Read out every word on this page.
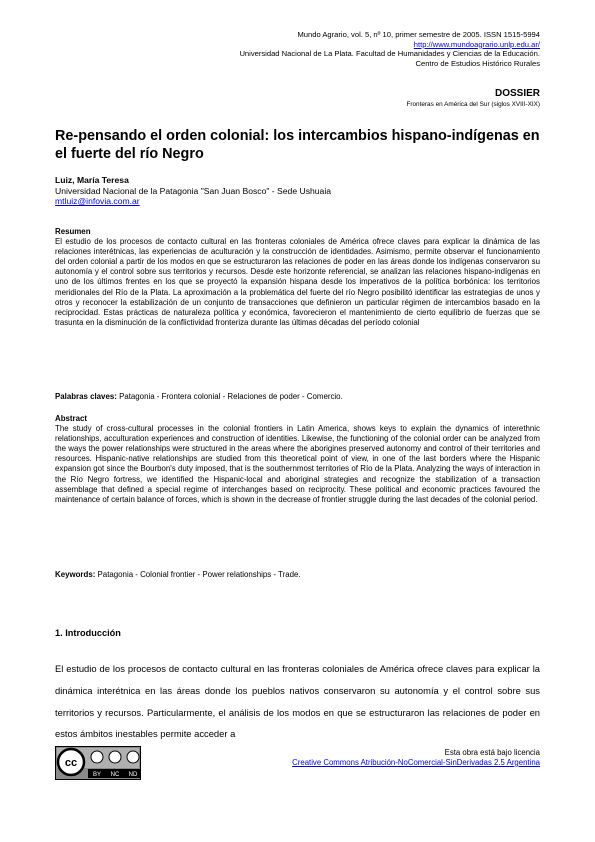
Mundo Agrario, vol. 5, nº 10, primer semestre de 2005. ISSN 1515-5994
http://www.mundoagrario.unlp.edu.ar/
Universidad Nacional de La Plata. Facultad de Humanidades y Ciencias de la Educación.
Centro de Estudios Histórico Rurales
DOSSIER
Fronteras en América del Sur (siglos XVIII-XIX)
Re-pensando el orden colonial: los intercambios hispano-indígenas en el fuerte del río Negro
Luiz, María Teresa
Universidad Nacional de la Patagonia "San Juan Bosco" - Sede Ushuaia
mtluiz@infovia.com.ar
Resumen

El estudio de los procesos de contacto cultural en las fronteras coloniales de América ofrece claves para explicar la dinámica de las relaciones interétnicas, las experiencias de aculturación y la construcción de identidades. Asimismo, permite observar el funcionamiento del orden colonial a partir de los modos en que se estructuraron las relaciones de poder en las áreas donde los indígenas conservaron su autonomía y el control sobre sus territorios y recursos. Desde este horizonte referencial, se analizan las relaciones hispano-indígenas en uno de los últimos frentes en los que se proyectó la expansión hispana desde los imperativos de la política borbónica: los territorios meridionales del Río de la Plata. La aproximación a la problemática del fuerte del río Negro posibilitó identificar las estrategias de unos y otros y reconocer la estabilización de un conjunto de transacciones que definieron un particular régimen de intercambios basado en la reciprocidad. Estas prácticas de naturaleza política y económica, favorecieron el mantenimiento de cierto equilibrio de fuerzas que se trasunta en la disminución de la conflictividad fronteriza durante las últimas décadas del período colonial

Palabras claves: Patagonia - Frontera colonial - Relaciones de poder - Comercio.
Abstract

The study of cross-cultural processes in the colonial frontiers in Latin America, shows keys to explain the dynamics of interethnic relationships, acculturation experiences and construction of identities. Likewise, the functioning of the colonial order can be analyzed from the ways the power relationships were structured in the areas where the aborigines preserved autonomy and control of their territories and resources. Hispanic-native relationships are studied from this theoretical point of view, in one of the last borders where the Hispanic expansion got since the Bourbon's duty imposed, that is the southernmost territories of Río de la Plata. Analyzing the ways of interaction in the Río Negro fortress, we identified the Hispanic-local and aboriginal strategies and recognize the stabilization of a transaction assemblage that defined a special regime of interchanges based on reciprocity. These political and economic practices favoured the maintenance of certain balance of forces, which is shown in the decrease of frontier struggle during the last decades of the colonial period.

Keywords: Patagonia - Colonial frontier - Power relationships - Trade.
1. Introducción

El estudio de los procesos de contacto cultural en las fronteras coloniales de América ofrece claves para explicar la dinámica interétnica en las áreas donde los pueblos nativos conservaron su autonomía y el control sobre sus territorios y recursos. Particularmente, el análisis de los modos en que se estructuraron las relaciones de poder en estos ámbitos inestables permite acceder a

cc
BY NC ND
Esta obra está bajo licencia
Creative Commons Atribución-NoComercial-SinDerivadas 2.5 Argentina
